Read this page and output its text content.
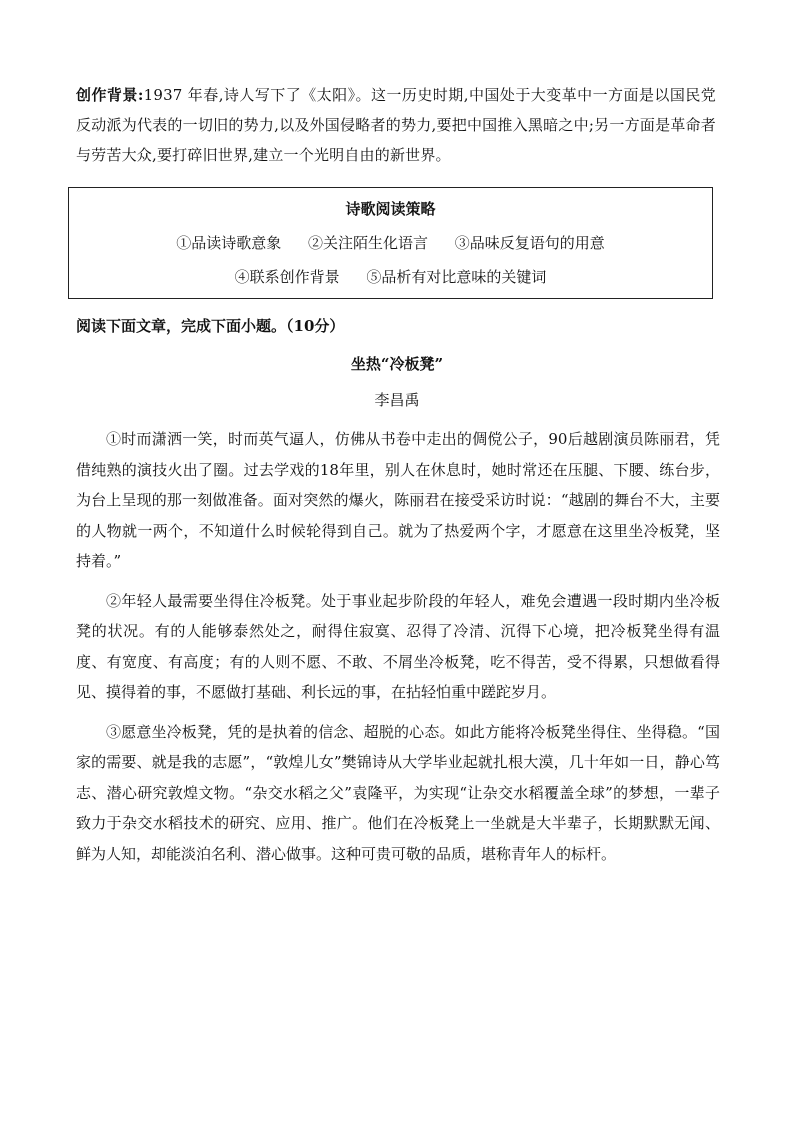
创作背景:1937 年春,诗人写下了《太阳》。这一历史时期,中国处于大变革中一方面是以国民党反动派为代表的一切旧的势力,以及外国侵略者的势力,要把中国推入黑暗之中;另一方面是革命者与劳苦大众,要打碎旧世界,建立一个光明自由的新世界。
诗歌阅读策略
①品读诗歌意象 ②关注陌生化语言 ③品味反复语句的用意
④联系创作背景 ⑤品析有对比意味的关键词
阅读下面文章，完成下面小题。（10分）
坐热“冷板凳”
李昌禹

①时而潇洒一笑，时而英气逼人，仿佛从书卷中走出的倜傥公子，90后越剧演员陈丽君，凭借纯熟的演技火出了圈。过去学戏的18年里，别人在休息时，她时常还在压腿、下腰、练台步，为台上呈现的那一刻做准备。面对突然的爆火，陈丽君在接受采访时说：“越剧的舞台不大，主要的人物就一两个，不知道什么时候轮得到自己。就为了热爱两个字，才愿意在这里坐冷板凳，坚持着。”

②年轻人最需要坐得住冷板凳。处于事业起步阶段的年轻人，难免会遭遇一段时期内坐冷板凳的状况。有的人能够泰然处之，耐得住寂寞、忍得了冷清、沉得下心境，把冷板凳坐得有温度、有宽度、有高度；有的人则不愿、不敢、不屑坐冷板凳，吃不得苦，受不得累，只想做看得见、摸得着的事，不愿做打基础、利长远的事，在拈轻怕重中蹉跎岁月。

③愿意坐冷板凳，凭的是执着的信念、超脱的心态。如此方能将冷板凳坐得住、坐得稳。“国家的需要、就是我的志愿”，“敦煌儿女”樊锦诗从大学毕业起就扎根大漠，几十年如一日，静心笃志、潜心研究敦煌文物。“杂交水稻之父”袁隆平，为实现“让杂交水稻覆盖全球”的梦想，一辈子致力于杂交水稻技术的研究、应用、推广。他们在冷板凳上一坐就是大半辈子，长期默默无闻、鲜为人知，却能淡泊名利、潜心做事。这种可贵可敬的品质，堪称青年人的标杆。
